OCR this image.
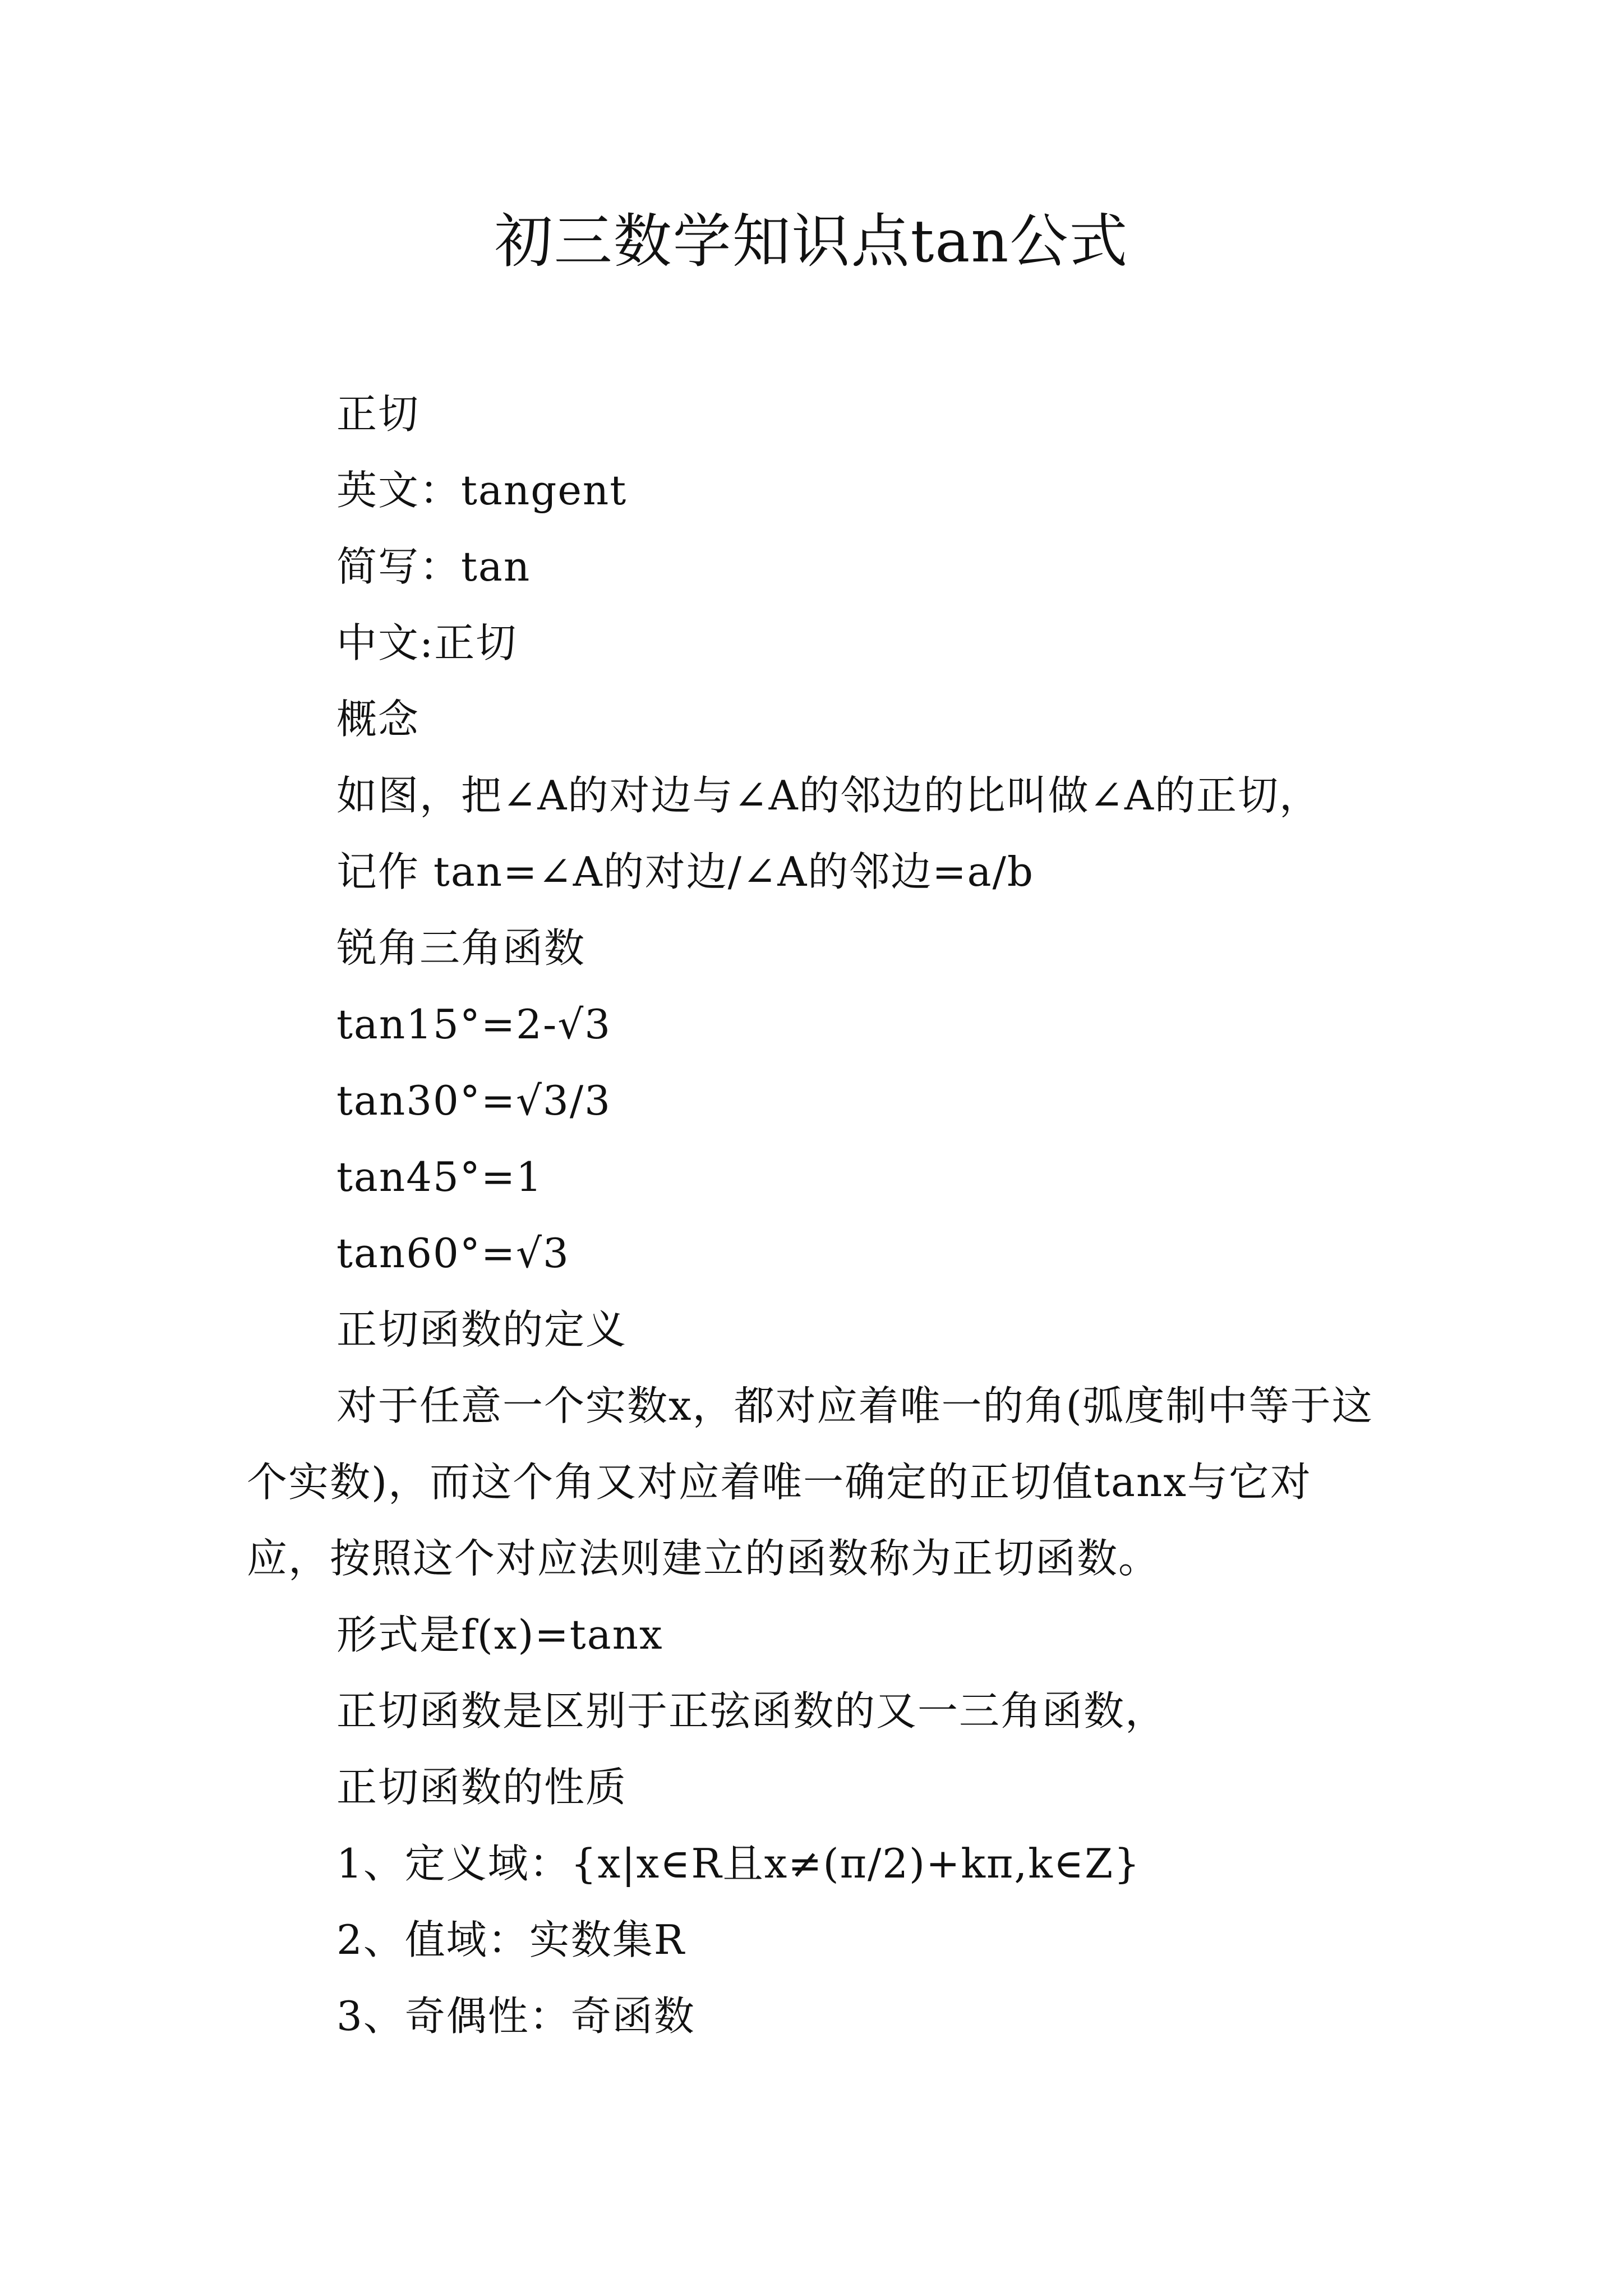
初三数学知识点tan公式

正切

英文：tangent

简写：tan

中文:正切

概念

如图，把∠A的对边与∠A的邻边的比叫做∠A的正切，

记作 tan=∠A的对边/∠A的邻边=a/b

锐角三角函数

tan15°=2-√3

tan30°=√3/3

tan45°=1

tan60°=√3

正切函数的定义

对于任意一个实数x，都对应着唯一的角(弧度制中等于这个实数)，而这个角又对应着唯一确定的正切值tanx与它对应，按照这个对应法则建立的函数称为正切函数。

形式是f(x)=tanx

正切函数是区别于正弦函数的又一三角函数，

正切函数的性质

1、定义域：{x|x∈R且x≠(π/2)+kπ,k∈Z}

2、值域：实数集R

3、奇偶性：奇函数
